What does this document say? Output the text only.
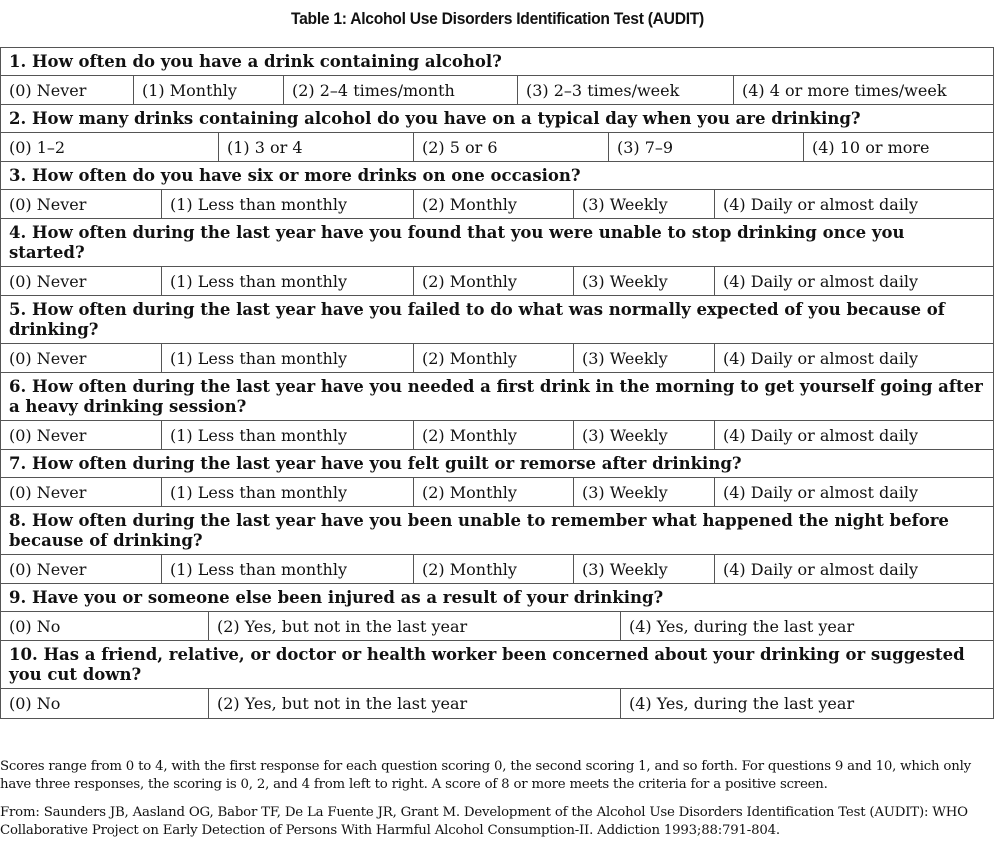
Table 1: Alcohol Use Disorders Identification Test (AUDIT)
1. How often do you have a drink containing alcohol?
(0) Never	(1) Monthly	(2) 2–4 times/month	(3) 2–3 times/week	(4) 4 or more times/week
2. How many drinks containing alcohol do you have on a typical day when you are drinking?
(0) 1–2	(1) 3 or 4	(2) 5 or 6	(3) 7–9	(4) 10 or more
3. How often do you have six or more drinks on one occasion?
(0) Never	(1) Less than monthly	(2) Monthly	(3) Weekly	(4) Daily or almost daily
4. How often during the last year have you found that you were unable to stop drinking once you started?
(0) Never	(1) Less than monthly	(2) Monthly	(3) Weekly	(4) Daily or almost daily
5. How often during the last year have you failed to do what was normally expected of you because of drinking?
(0) Never	(1) Less than monthly	(2) Monthly	(3) Weekly	(4) Daily or almost daily
6. How often during the last year have you needed a first drink in the morning to get yourself going after a heavy drinking session?
(0) Never	(1) Less than monthly	(2) Monthly	(3) Weekly	(4) Daily or almost daily
7. How often during the last year have you felt guilt or remorse after drinking?
(0) Never	(1) Less than monthly	(2) Monthly	(3) Weekly	(4) Daily or almost daily
8. How often during the last year have you been unable to remember what happened the night before because of drinking?
(0) Never	(1) Less than monthly	(2) Monthly	(3) Weekly	(4) Daily or almost daily
9. Have you or someone else been injured as a result of your drinking?
(0) No	(2) Yes, but not in the last year	(4) Yes, during the last year
10. Has a friend, relative, or doctor or health worker been concerned about your drinking or suggested you cut down?
(0) No	(2) Yes, but not in the last year	(4) Yes, during the last year

Scores range from 0 to 4, with the first response for each question scoring 0, the second scoring 1, and so forth. For questions 9 and 10, which only have three responses, the scoring is 0, 2, and 4 from left to right. A score of 8 or more meets the criteria for a positive screen.

From: Saunders JB, Aasland OG, Babor TF, De La Fuente JR, Grant M. Development of the Alcohol Use Disorders Identification Test (AUDIT): WHO Collaborative Project on Early Detection of Persons With Harmful Alcohol Consumption-II. Addiction 1993;88:791-804.
